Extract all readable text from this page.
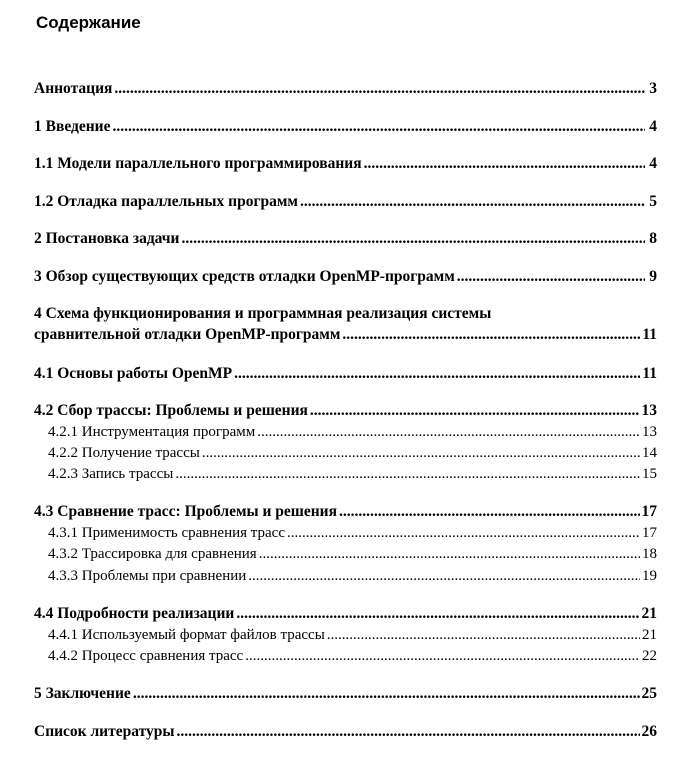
Содержание
Аннотация .....	3
1 Введение .....	4
1.1 Модели параллельного программирования .....	4
1.2 Отладка параллельных программ .....	5
2 Постановка задачи .....	8
3 Обзор существующих средств отладки OpenMP-программ .....	9
4 Схема функционирования и программная реализация системы
сравнительной отладки OpenMP-программ .....	11
4.1 Основы работы OpenMP .....	11
4.2 Сбор трассы: Проблемы и решения .....	13
4.2.1 Инструментация программ .....	13
4.2.2 Получение трассы .....	14
4.2.3 Запись трассы .....	15
4.3 Сравнение трасс: Проблемы и решения .....	17
4.3.1 Применимость сравнения трасс .....	17
4.3.2 Трассировка для сравнения .....	18
4.3.3 Проблемы при сравнении .....	19
4.4 Подробности реализации .....	21
4.4.1 Используемый формат файлов трассы .....	21
4.4.2 Процесс сравнения трасс .....	22
5 Заключение .....	25
Список литературы .....	26
